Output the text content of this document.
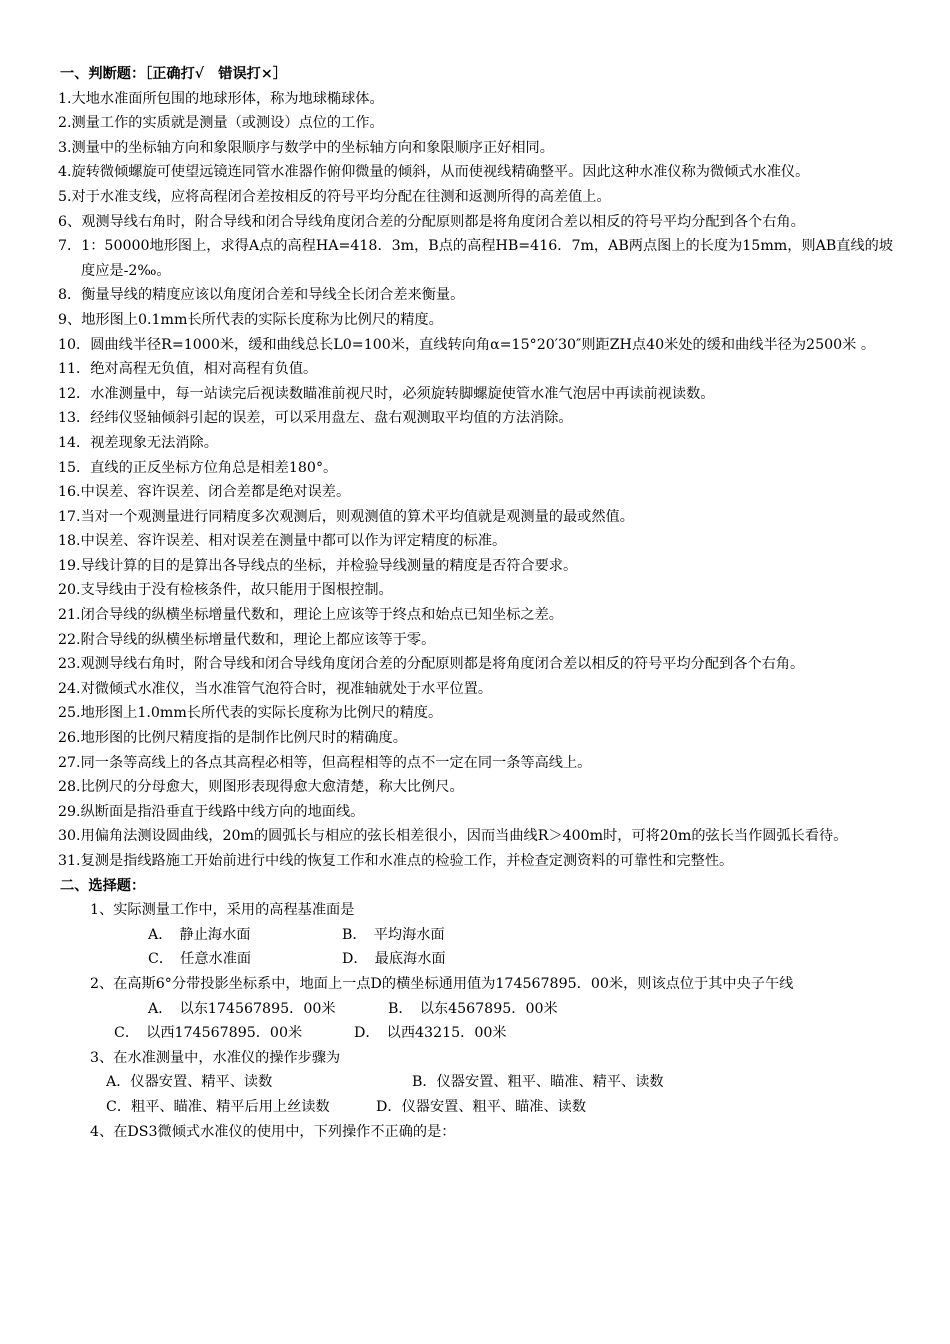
一、判断题：［正确打√　错误打×］
1.大地水准面所包围的地球形体，称为地球椭球体。
2.测量工作的实质就是测量（或测设）点位的工作。
3.测量中的坐标轴方向和象限顺序与数学中的坐标轴方向和象限顺序正好相同。
4.旋转微倾螺旋可使望远镜连同管水准器作俯仰微量的倾斜，从而使视线精确整平。因此这种水准仪称为微倾式水准仪。
5.对于水准支线，应将高程闭合差按相反的符号平均分配在往测和返测所得的高差值上。
6、观测导线右角时，附合导线和闭合导线角度闭合差的分配原则都是将角度闭合差以相反的符号平均分配到各个右角。
7．1：50000地形图上，求得A点的高程HA=418．3m，B点的高程HB=416．7m，AB两点图上的长度为15mm，则AB直线的坡度应是-2‰。
8．衡量导线的精度应该以角度闭合差和导线全长闭合差来衡量。
9、地形图上0.1mm长所代表的实际长度称为比例尺的精度。
10．圆曲线半径R=1000米，缓和曲线总长L0=100米，直线转向角α=15°20′30″则距ZH点40米处的缓和曲线半径为2500米 。
11．绝对高程无负值，相对高程有负值。
12．水准测量中，每一站读完后视读数瞄准前视尺时，必须旋转脚螺旋使管水准气泡居中再读前视读数。
13．经纬仪竖轴倾斜引起的误差，可以采用盘左、盘右观测取平均值的方法消除。
14．视差现象无法消除。
15．直线的正反坐标方位角总是相差180°。
16.中误差、容许误差、闭合差都是绝对误差。
17.当对一个观测量进行同精度多次观测后，则观测值的算术平均值就是观测量的最或然值。
18.中误差、容许误差、相对误差在测量中都可以作为评定精度的标准。
19.导线计算的目的是算出各导线点的坐标，并检验导线测量的精度是否符合要求。
20.支导线由于没有检核条件，故只能用于图根控制。
21.闭合导线的纵横坐标增量代数和，理论上应该等于终点和始点已知坐标之差。
22.附合导线的纵横坐标增量代数和，理论上都应该等于零。
23.观测导线右角时，附合导线和闭合导线角度闭合差的分配原则都是将角度闭合差以相反的符号平均分配到各个右角。
24.对微倾式水准仪，当水准管气泡符合时，视准轴就处于水平位置。
25.地形图上1.0mm长所代表的实际长度称为比例尺的精度。
26.地形图的比例尺精度指的是制作比例尺时的精确度。
27.同一条等高线上的各点其高程必相等，但高程相等的点不一定在同一条等高线上。
28.比例尺的分母愈大，则图形表现得愈大愈清楚，称大比例尺。
29.纵断面是指沿垂直于线路中线方向的地面线。
30.用偏角法测设圆曲线，20m的圆弧长与相应的弦长相差很小，因而当曲线R＞400m时，可将20m的弦长当作圆弧长看待。
31.复测是指线路施工开始前进行中线的恢复工作和水准点的检验工作，并检查定测资料的可靠性和完整性。
二、选择题：
1、实际测量工作中，采用的高程基准面是
A．　静止海水面	B．　平均海水面
C．　任意水准面	D．　最底海水面
2、在高斯6°分带投影坐标系中，地面上一点D的横坐标通用值为174567895．00米，则该点位于其中央子午线
A．　以东174567895．00米	B．　以东4567895．00米
C．　以西174567895．00米	D．　以西43215．00米
3、在水准测量中，水准仪的操作步骤为
A．仪器安置、精平、读数	B．仪器安置、粗平、瞄准、精平、读数
C．粗平、瞄准、精平后用上丝读数	D．仪器安置、粗平、瞄准、读数
4、在DS3微倾式水准仪的使用中，下列操作不正确的是：
